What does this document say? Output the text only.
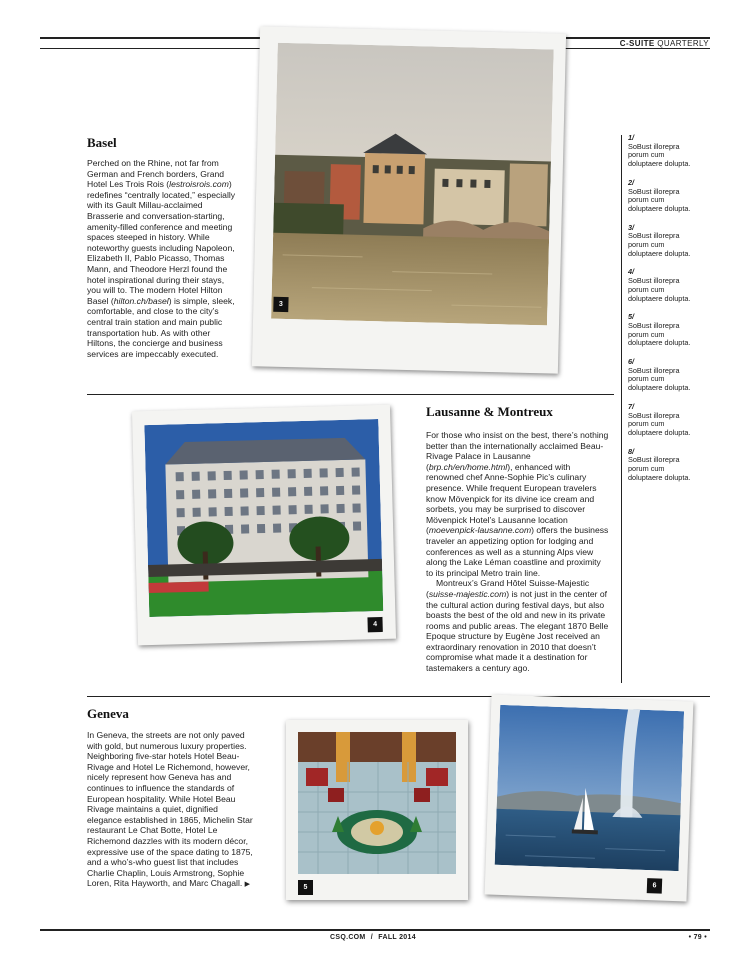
C-SUITE QUARTERLY
Basel

Perched on the Rhine, not far from German and French borders, Grand Hotel Les Trois Rois (lestroisrois.com) redefines “centrally located,” especially with its Gault Millau-acclaimed Brasserie and conversation-starting, amenity-filled conference and meeting spaces steeped in history. While noteworthy guests including Napoleon, Elizabeth II, Pablo Picasso, Thomas Mann, and Theodore Herzl found the hotel inspirational during their stays, you will to. The modern Hotel Hilton Basel (hilton.ch/basel) is simple, sleek, comfortable, and close to the city’s central train station and main public transportation hub. As with other Hiltons, the concierge and business services are impeccably executed.

3
1/
SoBust illorepra porum cum doluptaere dolupta.
2/
SoBust illorepra porum cum doluptaere dolupta.
3/
SoBust illorepra porum cum doluptaere dolupta.
4/
SoBust illorepra porum cum doluptaere dolupta.
5/
SoBust illorepra porum cum doluptaere dolupta.
6/
SoBust illorepra porum cum doluptaere dolupta.
7/
SoBust illorepra porum cum doluptaere dolupta.
8/
SoBust illorepra porum cum doluptaere dolupta.
4
Lausanne & Montreux

For those who insist on the best, there’s nothing better than the internationally acclaimed Beau-Rivage Palace in Lausanne (brp.ch/en/home.html), enhanced with renowned chef Anne-Sophie Pic’s culinary presence. While frequent European travelers know Mövenpick for its divine ice cream and sorbets, you may be surprised to discover Mövenpick Hotel’s Lausanne location (moevenpick-lausanne.com) offers the business traveler an appetizing option for lodging and conferences as well as a stunning Alps view along the Lake Léman coastline and proximity to its principal Metro train line.

Montreux’s Grand Hôtel Suisse-Majestic (suisse-majestic.com) is not just in the center of the cultural action during festival days, but also boasts the best of the old and new in its private rooms and public areas. The elegant 1870 Belle Epoque structure by Eugène Jost received an extraordinary renovation in 2010 that doesn’t compromise what made it a destination for tastemakers a century ago.

Geneva

In Geneva, the streets are not only paved with gold, but numerous luxury properties. Neighboring five-star hotels Hotel Beau-Rivage and Hotel Le Richemond, however, nicely represent how Geneva has and continues to influence the standards of European hospitality. While Hotel Beau Rivage maintains a quiet, dignified elegance established in 1865, Michelin Star restaurant Le Chat Botte, Hotel Le Richemond dazzles with its modern décor, expressive use of the space dating to 1875, and a who’s-who guest list that includes Charlie Chaplin, Louis Armstrong, Sophie Loren, Rita Hayworth, and Marc Chagall. ▶	5	6
CSQ.COM / FALL 2014	• 79 •
